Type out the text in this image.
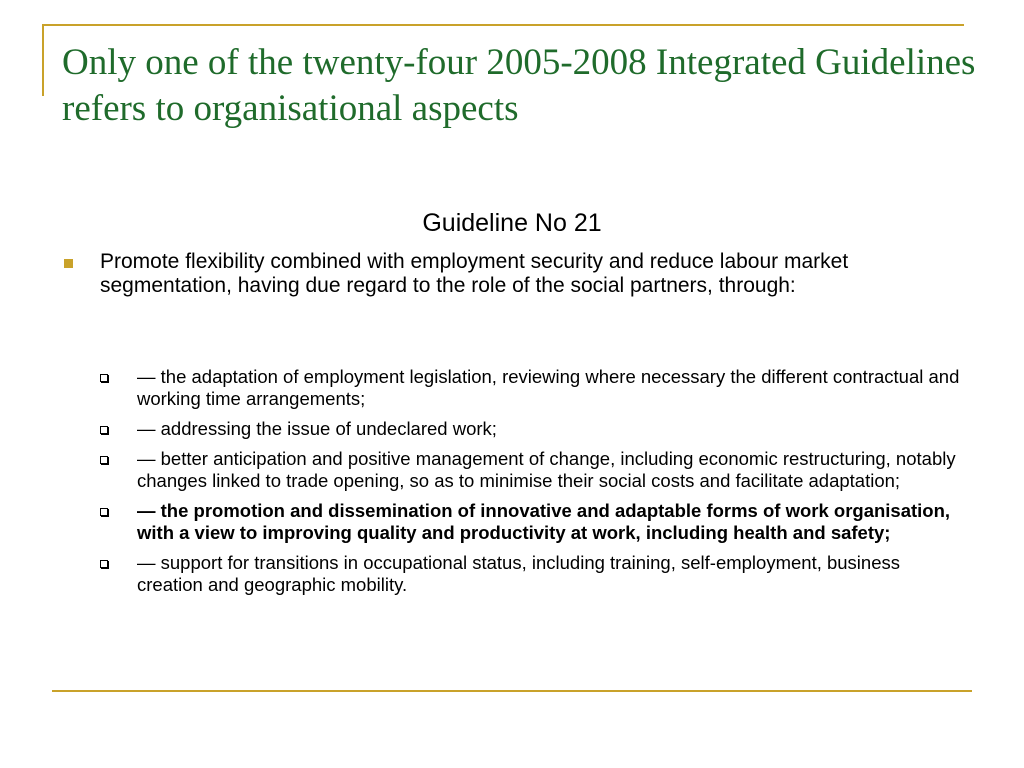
Only one of the twenty-four 2005-2008 Integrated Guidelines refers to organisational aspects
Guideline No 21
Promote flexibility combined with employment security and reduce labour market segmentation, having due regard to the role of the social partners, through:
— the adaptation of employment legislation, reviewing where necessary the different contractual and working time arrangements;
— addressing the issue of undeclared work;
— better anticipation and positive management of change, including economic restructuring, notably changes linked to trade opening, so as to minimise their social costs and facilitate adaptation;
— the promotion and dissemination of innovative and adaptable forms of work organisation, with a view to improving quality and productivity at work, including health and safety;
— support for transitions in occupational status, including training, self-employment, business creation and geographic mobility.
